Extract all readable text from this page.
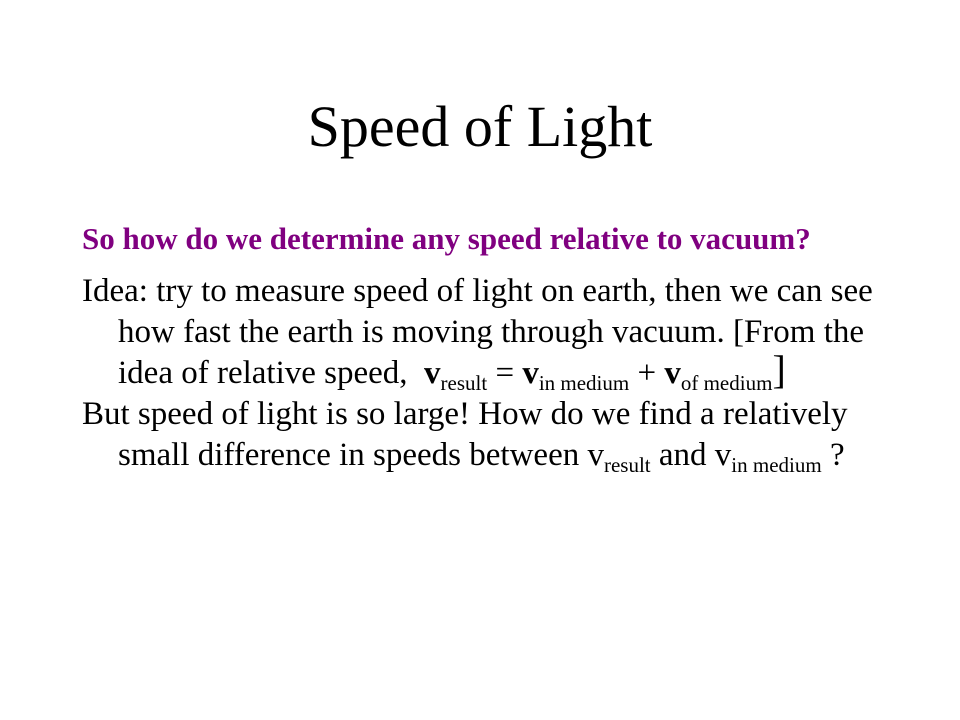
Speed of Light

So how do we determine any speed relative to vacuum?

Idea: try to measure speed of light on earth, then we can see how fast the earth is moving through vacuum. [From the idea of relative speed, $v_{result} = v_{in medium} + v_{of medium}$]

But speed of light is so large! How do we find a relatively small difference in speeds between $v_{result}$ and $v_{in medium}$ ?
